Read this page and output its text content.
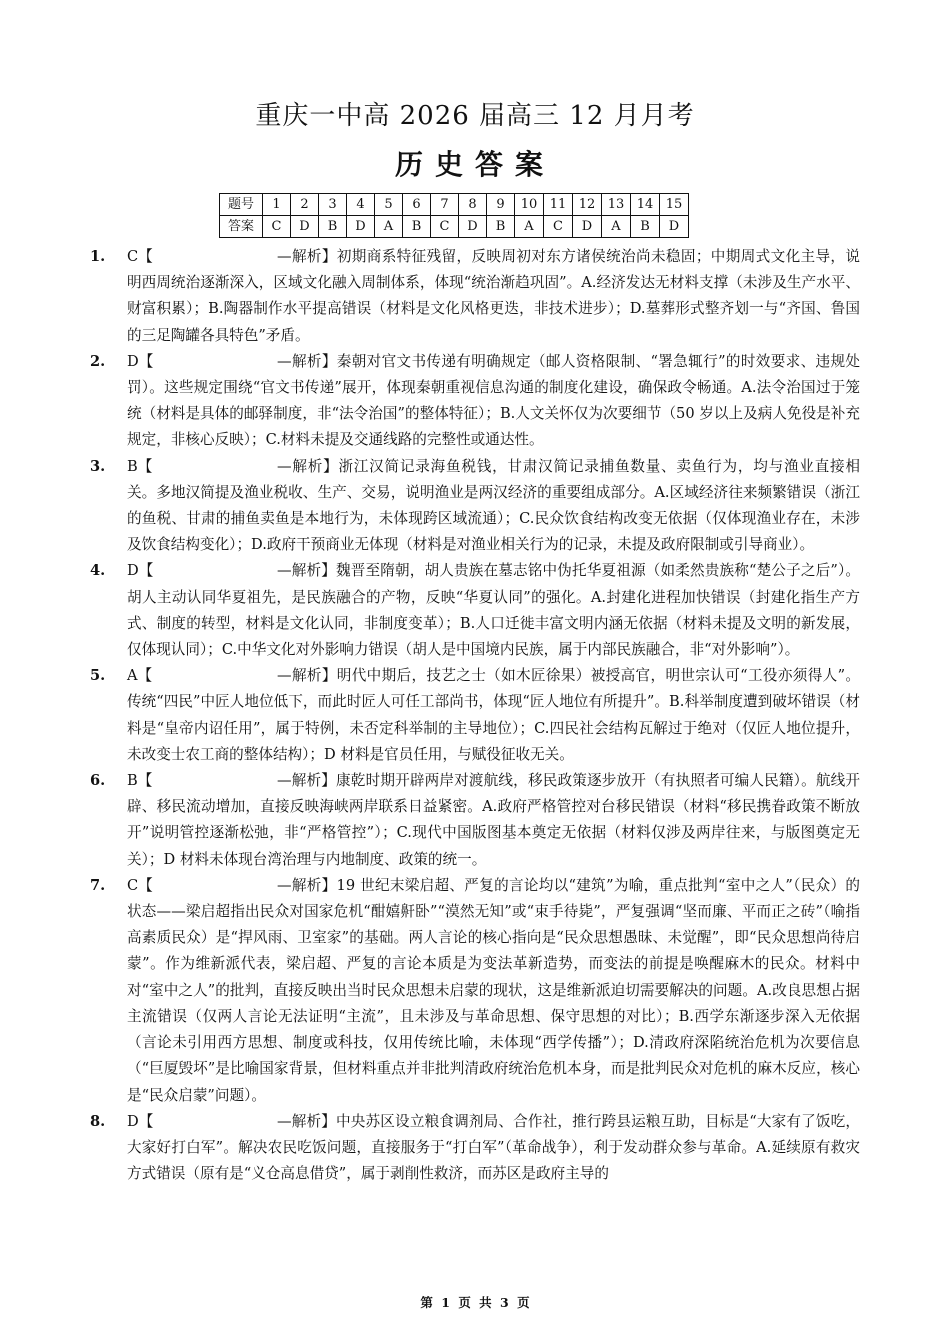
重庆一中高 2026 届高三 12 月月考
历史答案
题号	1	2	3	4	5	6	7	8	9	10	11	12	13	14	15
答案	C	D	B	D	A	B	C	D	B	A	C	D	A	B	D

1. C【	—解析】初期商系特征残留，反映周初对东方诸侯统治尚未稳固；中期周式文化主导，说明西周统治逐渐深入，区域文化融入周制体系，体现“统治渐趋巩固”。A.经济发达无材料支撑（未涉及生产水平、财富积累）；B.陶器制作水平提高错误（材料是文化风格更迭，非技术进步）；D.墓葬形式整齐划一与“齐国、鲁国的三足陶罐各具特色”矛盾。

2. D【	—解析】秦朝对官文书传递有明确规定（邮人资格限制、“署急辄行”的时效要求、违规处罚）。这些规定围绕“官文书传递”展开，体现秦朝重视信息沟通的制度化建设，确保政令畅通。A.法令治国过于笼统（材料是具体的邮驿制度，非“法令治国”的整体特征）；B.人文关怀仅为次要细节（50 岁以上及病人免役是补充规定，非核心反映）；C.材料未提及交通线路的完整性或通达性。

3. B【	—解析】浙江汉简记录海鱼税钱，甘肃汉简记录捕鱼数量、卖鱼行为，均与渔业直接相关。多地汉简提及渔业税收、生产、交易，说明渔业是两汉经济的重要组成部分。A.区域经济往来频繁错误（浙江的鱼税、甘肃的捕鱼卖鱼是本地行为，未体现跨区域流通）；C.民众饮食结构改变无依据（仅体现渔业存在，未涉及饮食结构变化）；D.政府干预商业无体现（材料是对渔业相关行为的记录，未提及政府限制或引导商业）。

4. D【	—解析】魏晋至隋朝，胡人贵族在墓志铭中伪托华夏祖源（如柔然贵族称“楚公子之后”）。胡人主动认同华夏祖先，是民族融合的产物，反映“华夏认同”的强化。A.封建化进程加快错误（封建化指生产方式、制度的转型，材料是文化认同，非制度变革）；B.人口迁徙丰富文明内涵无依据（材料未提及文明的新发展，仅体现认同）；C.中华文化对外影响力错误（胡人是中国境内民族，属于内部民族融合，非“对外影响”）。

5. A【	—解析】明代中期后，技艺之士（如木匠徐果）被授高官，明世宗认可“工役亦须得人”。传统“四民”中匠人地位低下，而此时匠人可任工部尚书，体现“匠人地位有所提升”。B.科举制度遭到破坏错误（材料是“皇帝内诏任用”，属于特例，未否定科举制的主导地位）；C.四民社会结构瓦解过于绝对（仅匠人地位提升，未改变士农工商的整体结构）；D 材料是官员任用，与赋役征收无关。

6. B【	—解析】康乾时期开辟两岸对渡航线，移民政策逐步放开（有执照者可编人民籍）。航线开辟、移民流动增加，直接反映海峡两岸联系日益紧密。A.政府严格管控对台移民错误（材料“移民携眷政策不断放开”说明管控逐渐松弛，非“严格管控”）；C.现代中国版图基本奠定无依据（材料仅涉及两岸往来，与版图奠定无关）；D 材料未体现台湾治理与内地制度、政策的统一。

7. C【	—解析】19 世纪末梁启超、严复的言论均以“建筑”为喻，重点批判“室中之人”（民众）的状态——梁启超指出民众对国家危机“酣嬉鼾卧”“漠然无知”或“束手待毙”，严复强调“坚而廉、平而正之砖”（喻指高素质民众）是“捍风雨、卫室家”的基础。两人言论的核心指向是“民众思想愚昧、未觉醒”，即“民众思想尚待启蒙”。作为维新派代表，梁启超、严复的言论本质是为变法革新造势，而变法的前提是唤醒麻木的民众。材料中对“室中之人”的批判，直接反映出当时民众思想未启蒙的现状，这是维新派迫切需要解决的问题。A.改良思想占据主流错误（仅两人言论无法证明“主流”，且未涉及与革命思想、保守思想的对比）；B.西学东渐逐步深入无依据（言论未引用西方思想、制度或科技，仅用传统比喻，未体现“西学传播”）；D.清政府深陷统治危机为次要信息（“巨厦毁坏”是比喻国家背景，但材料重点并非批判清政府统治危机本身，而是批判民众对危机的麻木反应，核心是“民众启蒙”问题）。

8. D【	—解析】中央苏区设立粮食调剂局、合作社，推行跨县运粮互助，目标是“大家有了饭吃，大家好打白军”。解决农民吃饭问题，直接服务于“打白军”（革命战争），利于发动群众参与革命。A.延续原有救灾方式错误（原有是“义仓高息借贷”，属于剥削性救济，而苏区是政府主导的

第 1 页 共 3 页
